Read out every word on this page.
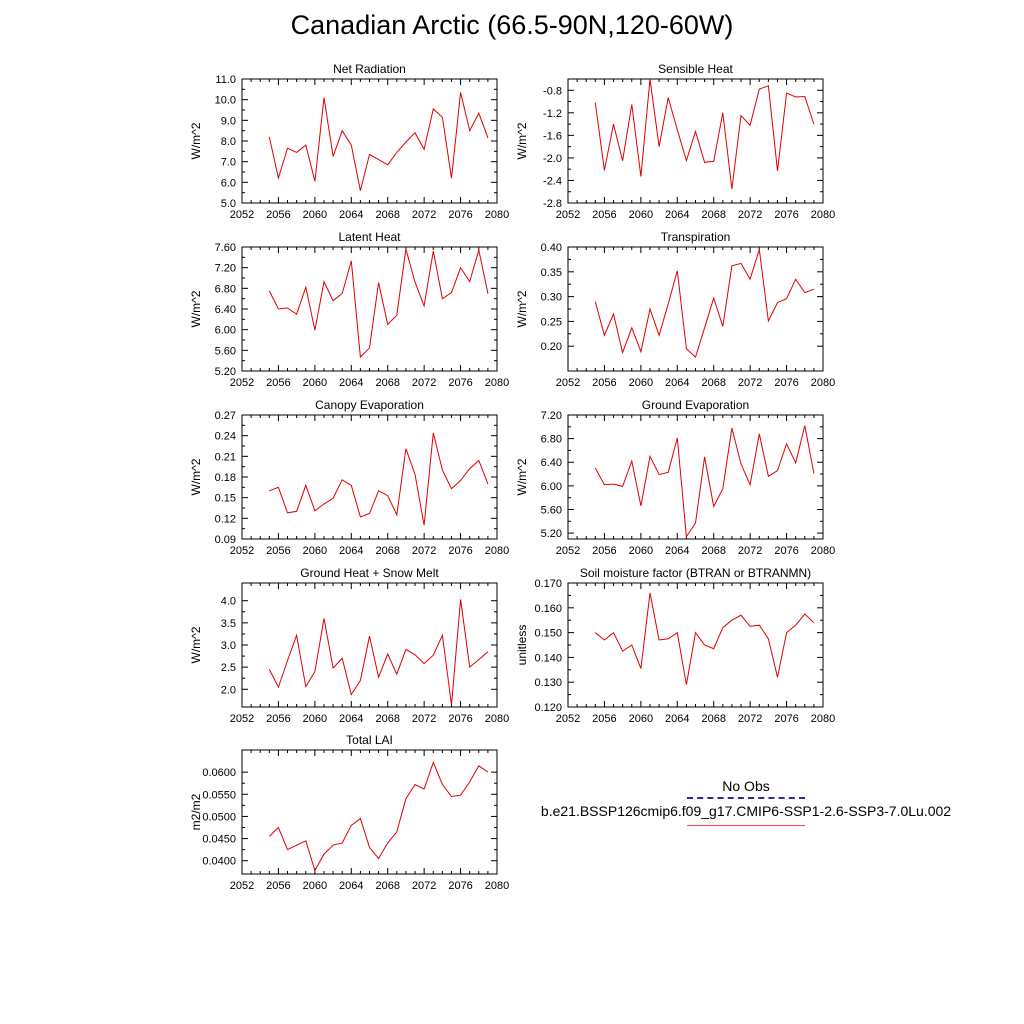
Canadian Arctic (66.5-90N,120-60W)
Net Radiation
2052 2056 2060 2064 2068 2072 2076 2080
5.0
6.0
7.0
8.0
9.0
10.0
11.0
W/m^2
Sensible Heat
2052 2056 2060 2064 2068 2072 2076 2080
-2.8
-2.4
-2.0
-1.6
-1.2
-0.8
W/m^2
Latent Heat
2052 2056 2060 2064 2068 2072 2076 2080
5.20
5.60
6.00
6.40
6.80
7.20
7.60
W/m^2
Transpiration
2052 2056 2060 2064 2068 2072 2076 2080
0.20
0.25
0.30
0.35
0.40
W/m^2
Canopy Evaporation
2052 2056 2060 2064 2068 2072 2076 2080
0.09
0.12
0.15
0.18
0.21
0.24
0.27
W/m^2
Ground Evaporation
2052 2056 2060 2064 2068 2072 2076 2080
5.20
5.60
6.00
6.40
6.80
7.20
W/m^2
Ground Heat + Snow Melt
2052 2056 2060 2064 2068 2072 2076 2080
2.0
2.5
3.0
3.5
4.0
W/m^2
Soil moisture factor (BTRAN or BTRANMN)
2052 2056 2060 2064 2068 2072 2076 2080
0.120
0.130
0.140
0.150
0.160
0.170
unitless
Total LAI
2052 2056 2060 2064 2068 2072 2076 2080
0.0400
0.0450
0.0500
0.0550
0.0600
m2/m2
No Obs
b.e21.BSSP126cmip6.f09_g17.CMIP6-SSP1-2.6-SSP3-7.0Lu.002
